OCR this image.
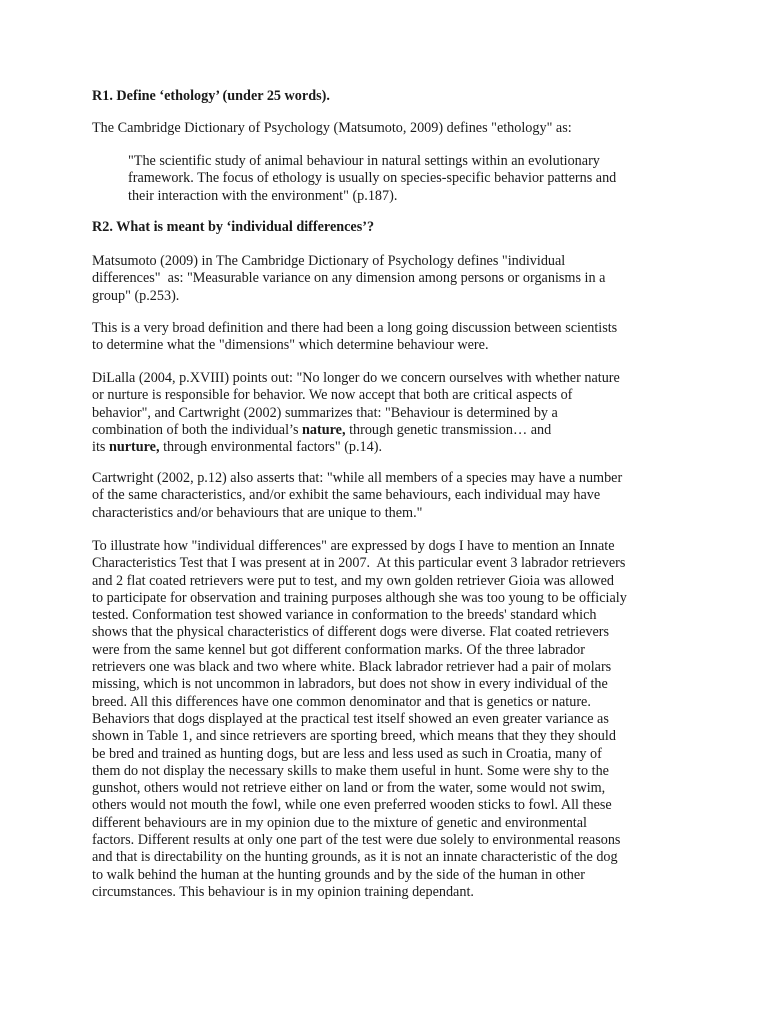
R1. Define ‘ethology’ (under 25 words).

The Cambridge Dictionary of Psychology (Matsumoto, 2009) defines "ethology" as:

"The scientific study of animal behaviour in natural settings within an evolutionary
framework. The focus of ethology is usually on species-specific behavior patterns and
their interaction with the environment" (p.187).

R2. What is meant by ‘individual differences’?

Matsumoto (2009) in The Cambridge Dictionary of Psychology defines "individual
differences"  as: "Measurable variance on any dimension among persons or organisms in a
group" (p.253).

This is a very broad definition and there had been a long going discussion between scientists
to determine what the "dimensions" which determine behaviour were.

DiLalla (2004, p.XVIII) points out: "No longer do we concern ourselves with whether nature
or nurture is responsible for behavior. We now accept that both are critical aspects of
behavior", and Cartwright (2002) summarizes that: "Behaviour is determined by a
combination of both the individual’s nature, through genetic transmission… and
its nurture, through environmental factors" (p.14).

Cartwright (2002, p.12) also asserts that: "while all members of a species may have a number
of the same characteristics, and/or exhibit the same behaviours, each individual may have
characteristics and/or behaviours that are unique to them."

To illustrate how "individual differences" are expressed by dogs I have to mention an Innate
Characteristics Test that I was present at in 2007.  At this particular event 3 labrador retrievers
and 2 flat coated retrievers were put to test, and my own golden retriever Gioia was allowed
to participate for observation and training purposes although she was too young to be officialy
tested. Conformation test showed variance in conformation to the breeds' standard which
shows that the physical characteristics of different dogs were diverse. Flat coated retrievers
were from the same kennel but got different conformation marks. Of the three labrador
retrievers one was black and two where white. Black labrador retriever had a pair of molars
missing, which is not uncommon in labradors, but does not show in every individual of the
breed. All this differences have one common denominator and that is genetics or nature.
Behaviors that dogs displayed at the practical test itself showed an even greater variance as
shown in Table 1, and since retrievers are sporting breed, which means that they they should
be bred and trained as hunting dogs, but are less and less used as such in Croatia, many of
them do not display the necessary skills to make them useful in hunt. Some were shy to the
gunshot, others would not retrieve either on land or from the water, some would not swim,
others would not mouth the fowl, while one even preferred wooden sticks to fowl. All these
different behaviours are in my opinion due to the mixture of genetic and environmental
factors. Different results at only one part of the test were due solely to environmental reasons
and that is directability on the hunting grounds, as it is not an innate characteristic of the dog
to walk behind the human at the hunting grounds and by the side of the human in other
circumstances. This behaviour is in my opinion training dependant.
